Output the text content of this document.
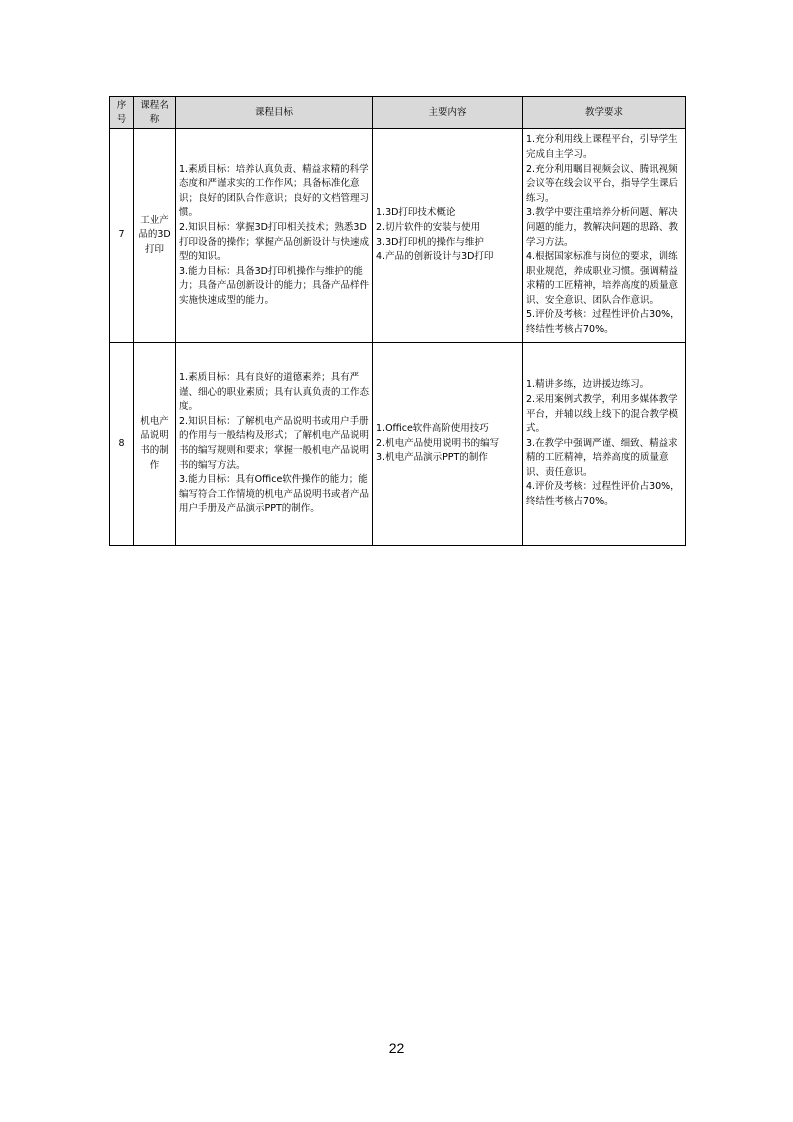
序号	课程名称	课程目标	主要内容	教学要求
7	工业产品的3D打印	1.素质目标：培养认真负责、精益求精的科学态度和严谨求实的工作作风；具备标准化意识；良好的团队合作意识；良好的文档管理习惯。
2.知识目标：掌握3D打印相关技术；熟悉3D打印设备的操作；掌握产品创新设计与快速成型的知识。
3.能力目标：具备3D打印机操作与维护的能力；具备产品创新设计的能力；具备产品样件实施快速成型的能力。	1.3D打印技术概论
2.切片软件的安装与使用
3.3D打印机的操作与维护
4.产品的创新设计与3D打印	1.充分利用线上课程平台，引导学生完成自主学习。
2.充分利用瞩目视频会议、腾讯视频会议等在线会议平台，指导学生课后练习。
3.教学中要注重培养分析问题、解决问题的能力，教解决问题的思路、教学习方法。
4.根据国家标准与岗位的要求，训练职业规范，养成职业习惯。强调精益求精的工匠精神，培养高度的质量意识、安全意识、团队合作意识。
5.评价及考核：过程性评价占30%，终结性考核占70%。

8	机电产品说明书的制作	1.素质目标：具有良好的道德素养；具有严谨、细心的职业素质；具有认真负责的工作态度。
2.知识目标：了解机电产品说明书或用户手册的作用与一般结构及形式；了解机电产品说明书的编写规则和要求；掌握一般机电产品说明书的编写方法。
3.能力目标：具有Office软件操作的能力；能编写符合工作情境的机电产品说明书或者产品用户手册及产品演示PPT的制作。	1.Office软件高阶使用技巧
2.机电产品使用说明书的编写
3.机电产品演示PPT的制作	1.精讲多练，边讲援边练习。
2.采用案例式教学，利用多媒体教学平台，并辅以线上线下的混合教学模式。
3.在教学中强调严谨、细致、精益求精的工匠精神，培养高度的质量意识、责任意识。
4.评价及考核：过程性评价占30%，终结性考核占70%。
22
